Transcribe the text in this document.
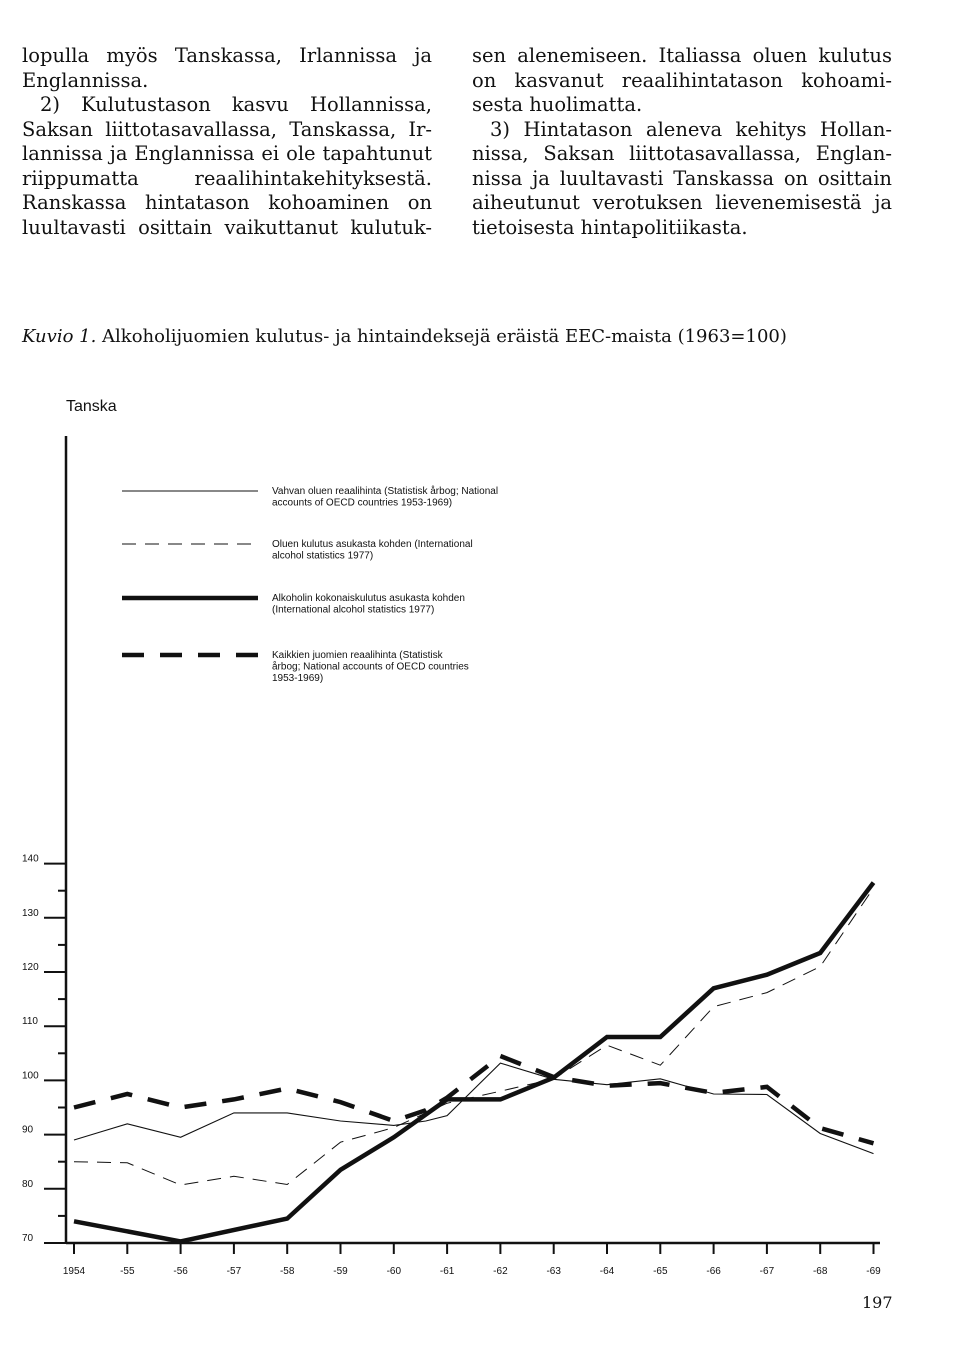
lopulla myös Tanskassa, Irlannissa ja
Englannissa.
2) Kulutustason kasvu Hollannissa,
Saksan liittotasavallassa, Tanskassa, Ir-
lannissa ja Englannissa ei ole tapahtunut
riippumatta reaalihintakehityksestä.
Ranskassa hintatason kohoaminen on
luultavasti osittain vaikuttanut kulutuk-
sen alenemiseen. Italiassa oluen kulutus
on kasvanut reaalihintatason kohoami-
sesta huolimatta.
3) Hintatason aleneva kehitys Hollan-
nissa, Saksan liittotasavallassa, Englan-
nissa ja luultavasti Tanskassa on osittain
aiheutunut verotuksen lievenemisestä ja
tietoisesta hintapolitiikasta.
Kuvio 1. Alkoholijuomien kulutus- ja hintaindeksejä eräistä EEC-maista (1963=100)
Tanska
70
80
90
100
110
120
130
140
1954	-55	-56	-57	-58	-59	-60	-61	-62	-63	-64	-65	-66	-67	-68	-69
Vahvan oluen reaalihinta (Statistisk årbog; National
accounts of OECD countries 1953-1969)
Oluen kulutus asukasta kohden (International
alcohol statistics 1977)
Alkoholin kokonaiskulutus asukasta kohden
(International alcohol statistics 1977)
Kaikkien juomien reaalihinta (Statistisk
årbog; National accounts of OECD countries
1953-1969)
197
